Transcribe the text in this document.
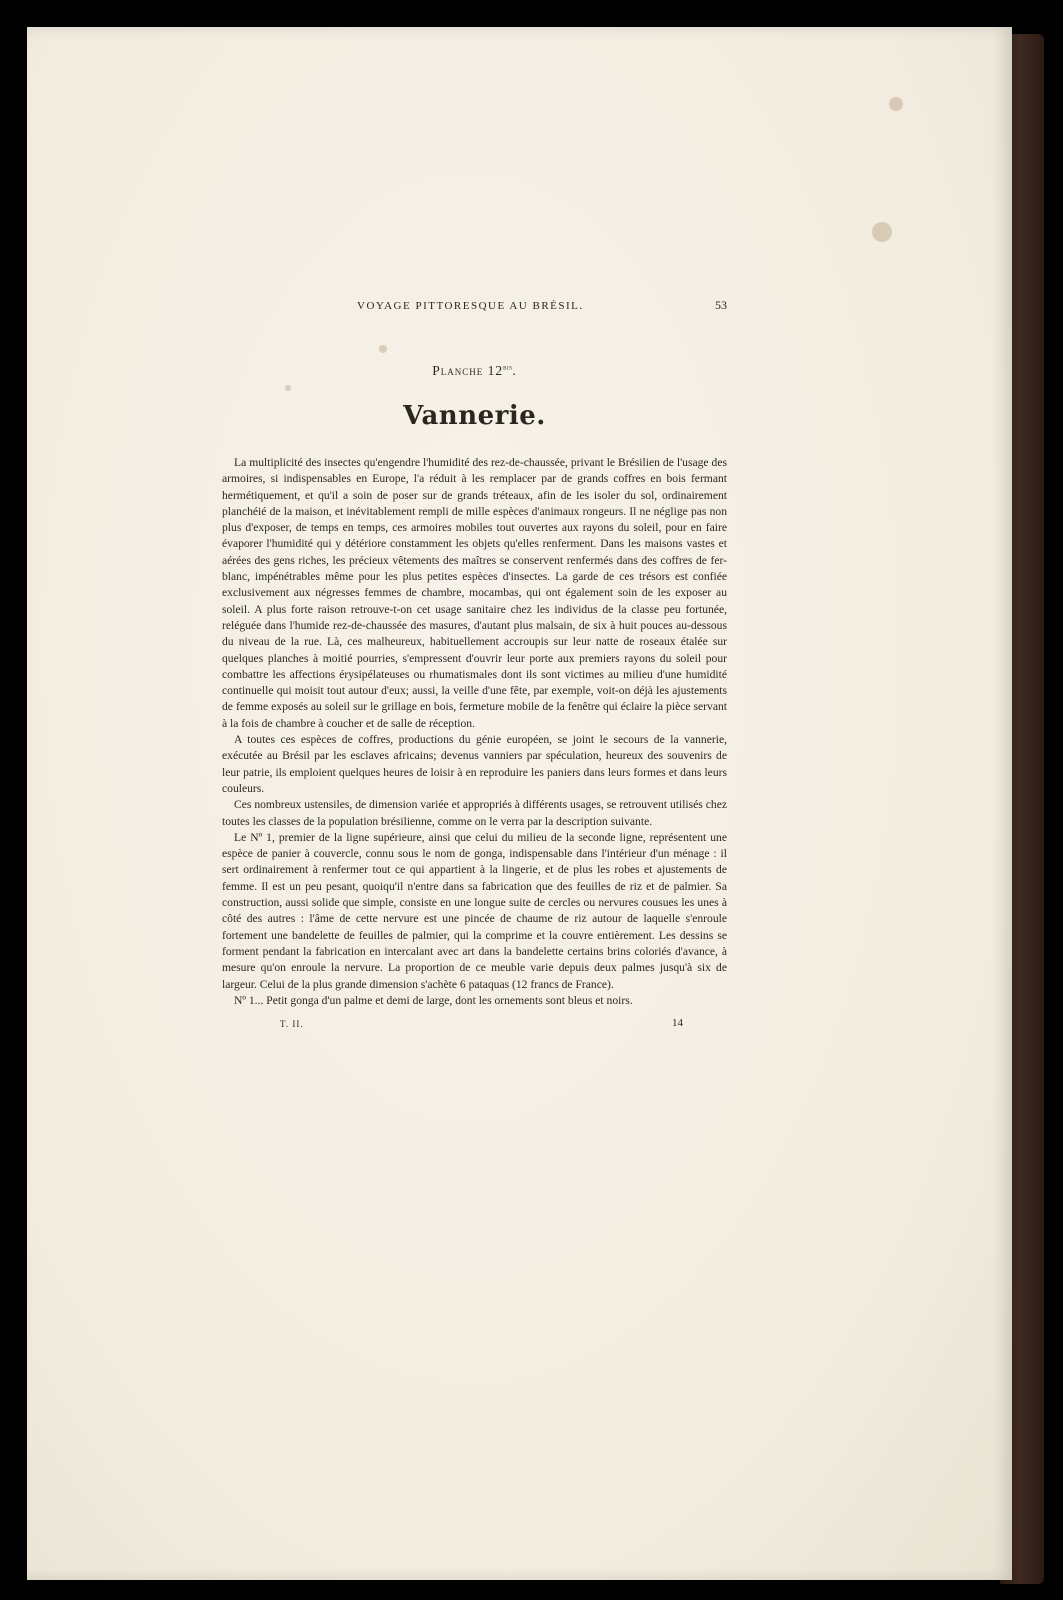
VOYAGE PITTORESQUE AU BRÉSIL.	53
Planche $12^{bis}$.
Vannerie.

La multiplicité des insectes qu'engendre l'humidité des rez-de-chaussée, privant le Brésilien de l'usage des armoires, si indispensables en Europe, l'a réduit à les remplacer par de grands coffres en bois fermant hermétiquement, et qu'il a soin de poser sur de grands tréteaux, afin de les isoler du sol, ordinairement planchéié de la maison, et inévitablement rempli de mille espèces d'animaux rongeurs. Il ne néglige pas non plus d'exposer, de temps en temps, ces armoires mobiles tout ouvertes aux rayons du soleil, pour en faire évaporer l'humidité qui y détériore constamment les objets qu'elles renferment. Dans les maisons vastes et aérées des gens riches, les précieux vêtements des maîtres se conservent renfermés dans des coffres de fer-blanc, impénétrables même pour les plus petites espèces d'insectes. La garde de ces trésors est confiée exclusivement aux négresses femmes de chambre, mocambas, qui ont également soin de les exposer au soleil. A plus forte raison retrouve-t-on cet usage sanitaire chez les individus de la classe peu fortunée, reléguée dans l'humide rez-de-chaussée des masures, d'autant plus malsain, de six à huit pouces au-dessous du niveau de la rue. Là, ces malheureux, habituellement accroupis sur leur natte de roseaux étalée sur quelques planches à moitié pourries, s'empressent d'ouvrir leur porte aux premiers rayons du soleil pour combattre les affections érysipélateuses ou rhumatismales dont ils sont victimes au milieu d'une humidité continuelle qui moisit tout autour d'eux; aussi, la veille d'une fête, par exemple, voit-on déjà les ajustements de femme exposés au soleil sur le grillage en bois, fermeture mobile de la fenêtre qui éclaire la pièce servant à la fois de chambre à coucher et de salle de réception.

A toutes ces espèces de coffres, productions du génie européen, se joint le secours de la vannerie, exécutée au Brésil par les esclaves africains; devenus vanniers par spéculation, heureux des souvenirs de leur patrie, ils emploient quelques heures de loisir à en reproduire les paniers dans leurs formes et dans leurs couleurs.

Ces nombreux ustensiles, de dimension variée et appropriés à différents usages, se retrouvent utilisés chez toutes les classes de la population brésilienne, comme on le verra par la description suivante.

Le Nº 1, premier de la ligne supérieure, ainsi que celui du milieu de la seconde ligne, représentent une espèce de panier à couvercle, connu sous le nom de gonga, indispensable dans l'intérieur d'un ménage : il sert ordinairement à renfermer tout ce qui appartient à la lingerie, et de plus les robes et ajustements de femme. Il est un peu pesant, quoiqu'il n'entre dans sa fabrication que des feuilles de riz et de palmier. Sa construction, aussi solide que simple, consiste en une longue suite de cercles ou nervures cousues les unes à côté des autres : l'âme de cette nervure est une pincée de chaume de riz autour de laquelle s'enroule fortement une bandelette de feuilles de palmier, qui la comprime et la couvre entièrement. Les dessins se forment pendant la fabrication en intercalant avec art dans la bandelette certains brins coloriés d'avance, à mesure qu'on enroule la nervure. La proportion de ce meuble varie depuis deux palmes jusqu'à six de largeur. Celui de la plus grande dimension s'achète 6 pataquas (12 francs de France).

Nº 1... Petit gonga d'un palme et demi de large, dont les ornements sont bleus et noirs.

T. II.	14
